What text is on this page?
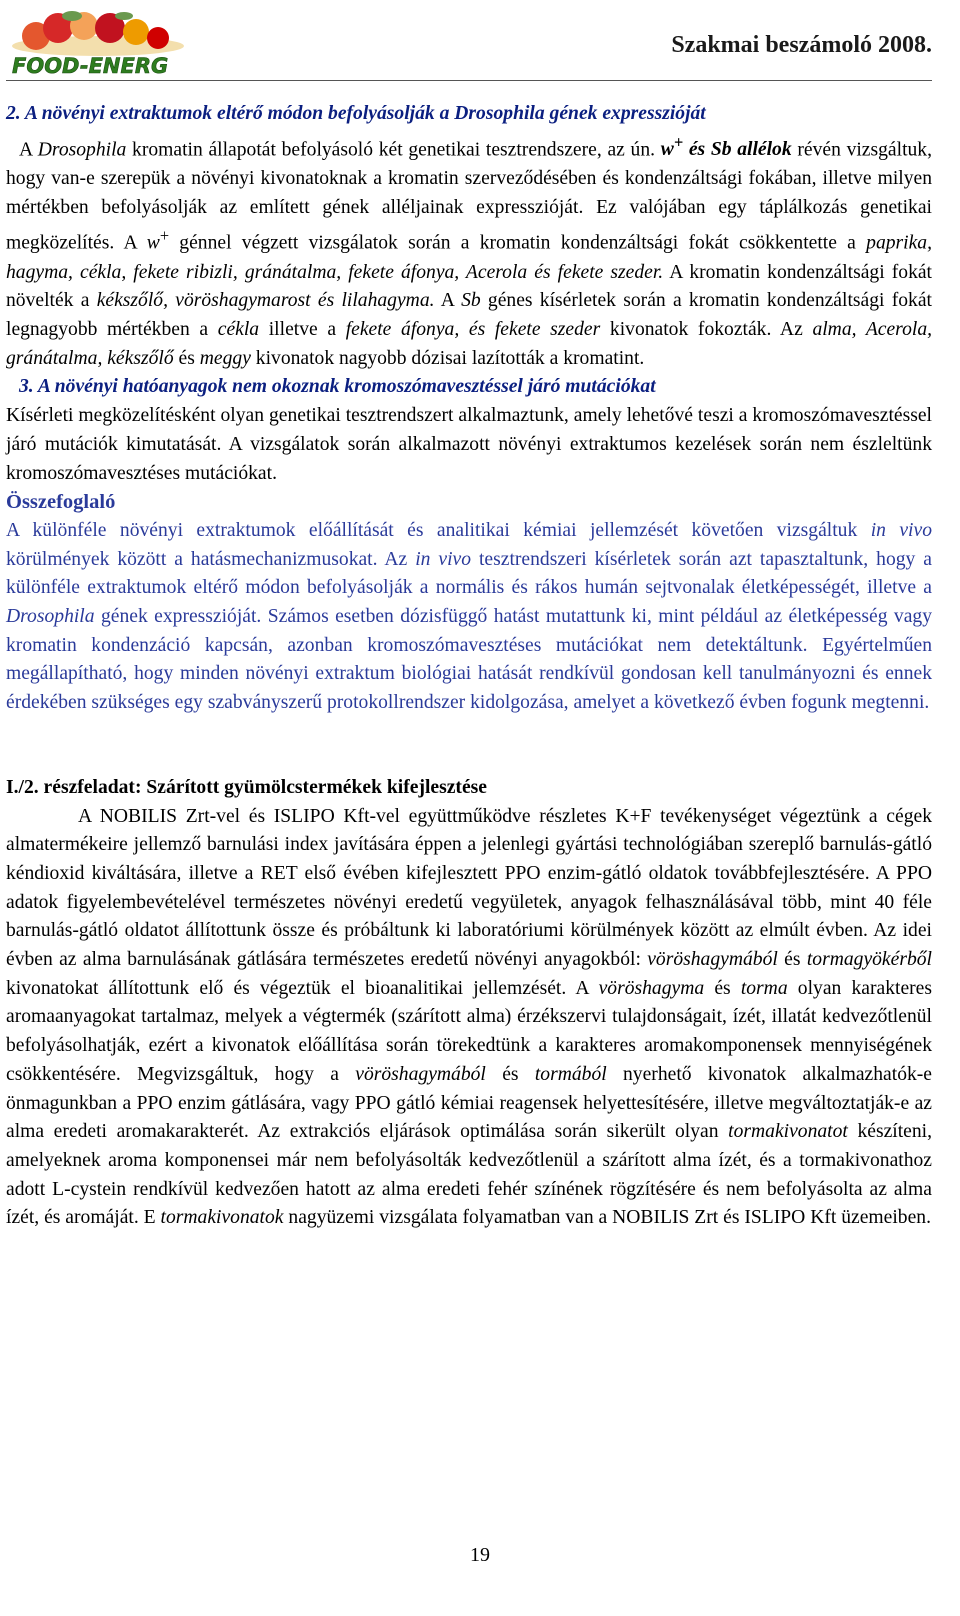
FOOD-ENERG
Szakmai beszámoló 2008.

2. A növényi extraktumok eltérő módon befolyásolják a Drosophila gének expresszióját

A Drosophila kromatin állapotát befolyásoló két genetikai tesztrendszere, az ún. w+ és Sb allélok révén vizsgáltuk, hogy van-e szerepük a növényi kivonatoknak a kromatin szerveződésében és kondenzáltsági fokában, illetve milyen mértékben befolyásolják az említett gének alléljainak expresszióját. Ez valójában egy táplálkozás genetikai megközelítés. A w+ génnel végzett vizsgálatok során a kromatin kondenzáltsági fokát csökkentette a paprika, hagyma, cékla, fekete ribizli, gránátalma, fekete áfonya, Acerola és fekete szeder. A kromatin kondenzáltsági fokát növelték a kékszőlő, vöröshagymarost és lilahagyma. A Sb génes kísérletek során a kromatin kondenzáltsági fokát legnagyobb mértékben a cékla illetve a fekete áfonya, és fekete szeder kivonatok fokozták. Az alma, Acerola, gránátalma, kékszőlő és meggy kivonatok nagyobb dózisai lazították a kromatint.

3. A növényi hatóanyagok nem okoznak kromoszómavesztéssel járó mutációkat

Kísérleti megközelítésként olyan genetikai tesztrendszert alkalmaztunk, amely lehetővé teszi a kromoszómavesztéssel járó mutációk kimutatását. A vizsgálatok során alkalmazott növényi extraktumos kezelések során nem észleltünk kromoszómavesztéses mutációkat.

Összefoglaló

A különféle növényi extraktumok előállítását és analitikai kémiai jellemzését követően vizsgáltuk in vivo körülmények között a hatásmechanizmusokat. Az in vivo tesztrendszeri kísérletek során azt tapasztaltunk, hogy a különféle extraktumok eltérő módon befolyásolják a normális és rákos humán sejtvonalak életképességét, illetve a Drosophila gének expresszióját. Számos esetben dózisfüggő hatást mutattunk ki, mint például az életképesség vagy kromatin kondenzáció kapcsán, azonban kromoszómavesztéses mutációkat nem detektáltunk. Egyértelműen megállapítható, hogy minden növényi extraktum biológiai hatását rendkívül gondosan kell tanulmányozni és ennek érdekében szükséges egy szabványszerű protokollrendszer kidolgozása, amelyet a következő évben fogunk megtenni.

I./2. részfeladat: Szárított gyümölcstermékek kifejlesztése

A NOBILIS Zrt-vel és ISLIPO Kft-vel együttműködve részletes K+F tevékenységet végeztünk a cégek almatermékeire jellemző barnulási index javítására éppen a jelenlegi gyártási technológiában szereplő barnulás-gátló kéndioxid kiváltására, illetve a RET első évében kifejlesztett PPO enzim-gátló oldatok továbbfejlesztésére. A PPO adatok figyelembevételével természetes növényi eredetű vegyületek, anyagok felhasználásával több, mint 40 féle barnulás-gátló oldatot állítottunk össze és próbáltunk ki laboratóriumi körülmények között az elmúlt évben. Az idei évben az alma barnulásának gátlására természetes eredetű növényi anyagokból: vöröshagymából és tormagyökérből kivonatokat állítottunk elő és végeztük el bioanalitikai jellemzését. A vöröshagyma és torma olyan karakteres aromaanyagokat tartalmaz, melyek a végtermék (szárított alma) érzékszervi tulajdonságait, ízét, illatát kedvezőtlenül befolyásolhatják, ezért a kivonatok előállítása során törekedtünk a karakteres aromakomponensek mennyiségének csökkentésére. Megvizsgáltuk, hogy a vöröshagymából és tormából nyerhető kivonatok alkalmazhatók-e önmagunkban a PPO enzim gátlására, vagy PPO gátló kémiai reagensek helyettesítésére, illetve megváltoztatják-e az alma eredeti aromakarakterét. Az extrakciós eljárások optimálása során sikerült olyan tormakivonatot készíteni, amelyeknek aroma komponensei már nem befolyásolták kedvezőtlenül a szárított alma ízét, és a tormakivonathoz adott L-cystein rendkívül kedvezően hatott az alma eredeti fehér színének rögzítésére és nem befolyásolta az alma ízét, és aromáját. E tormakivonatok nagyüzemi vizsgálata folyamatban van a NOBILIS Zrt és ISLIPO Kft üzemeiben.

19
